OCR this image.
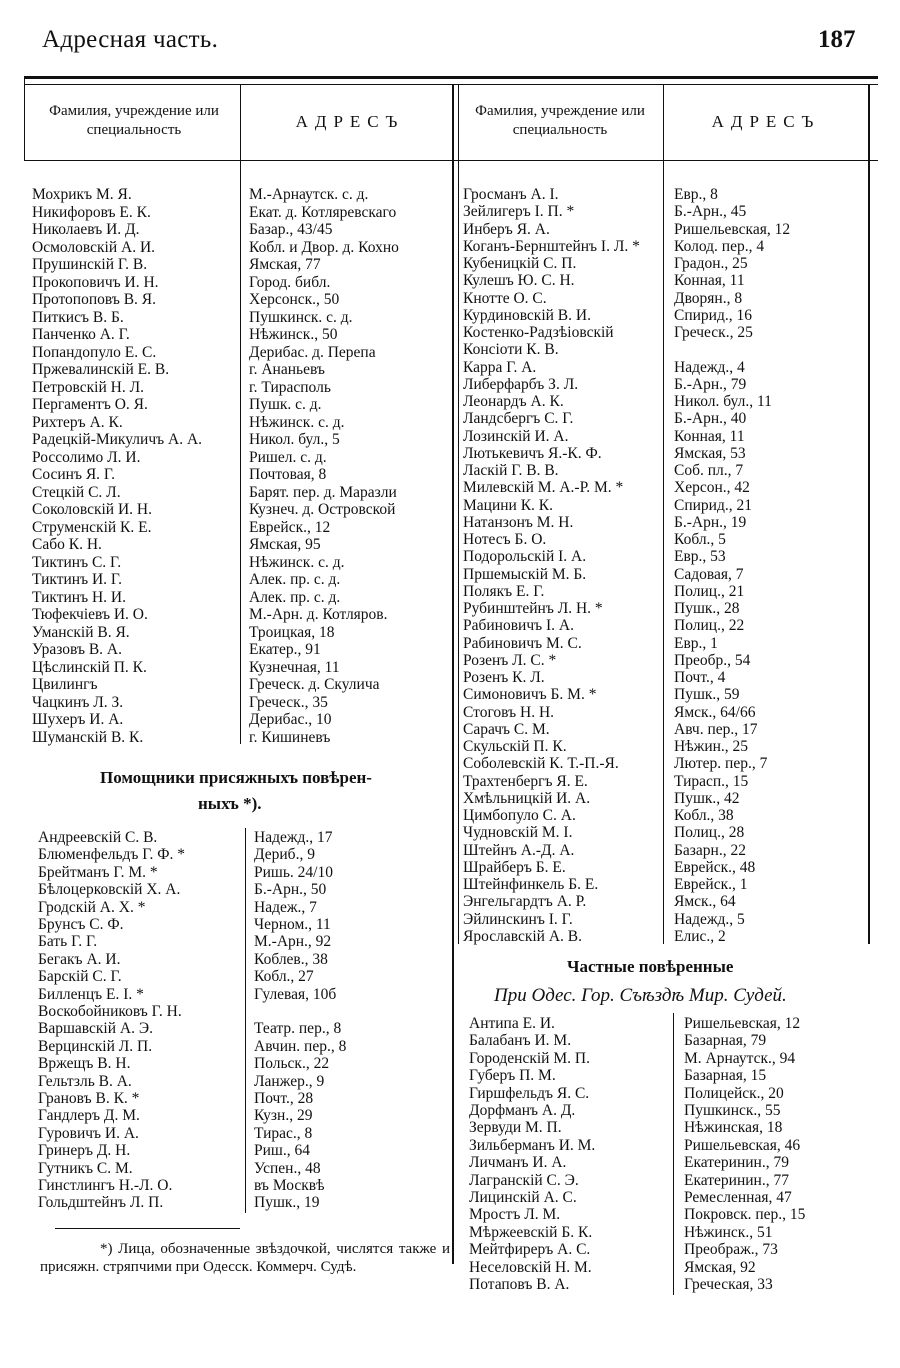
Адресная часть.	187
Фамилия, учреждение или специальность	АДРЕСЪ
Фамилия, учреждение или специальность	АДРЕСЪ
Мохрикъ М. Я.	М.-Арнаутск. с. д.
Никифоровъ Е. К.	Екат. д. Котляревскаго
Николаевъ И. Д.	Базар., 43/45
Осмоловскій А. И.	Кобл. и Двор. д. Кохно
Прушинскій Г. В.	Ямская, 77
Прокоповичъ И. Н.	Город. библ.
Протопоповъ В. Я.	Херсонск., 50
Питкисъ В. Б.	Пушкинск. с. д.
Панченко А. Г.	Нѣжинск., 50
Попандопуло Е. С.	Дерибас. д. Перепа
Пржевалинскій Е. В.	г. Ананьевъ
Петровскій Н. Л.	г. Тирасполь
Пергаментъ О. Я.	Пушк. с. д.
Рихтеръ А. К.	Нѣжинск. с. д.
Радецкій-Микуличъ А. А.	Никол. бул., 5
Россолимо Л. И.	Ришел. с. д.
Сосинъ Я. Г.	Почтовая, 8
Стецкій С. Л.	Барят. пер. д. Маразли
Соколовскій И. Н.	Кузнеч. д. Островской
Струменскій К. Е.	Еврейск., 12
Сабо К. Н.	Ямская, 95
Тиктинъ С. Г.	Нѣжинск. с. д.
Тиктинъ И. Г.	Алек. пр. с. д.
Тиктинъ Н. И.	Алек. пр. с. д.
Тюфекчіевъ И. О.	М.-Арн. д. Котляров.
Уманскій В. Я.	Троицкая, 18
Уразовъ В. А.	Екатер., 91
Цѣслинскій П. К.	Кузнечная, 11
Цвилингъ	Греческ. д. Скулича
Чацкинъ Л. З.	Греческ., 35
Шухеръ И. А.	Дерибас., 10
Шуманскій В. К.	г. Кишиневъ
Андреевскій С. В.	Надежд., 17
Блюменфельдъ Г. Ф. *	Дериб., 9
Брейтманъ Г. М. *	Ришь. 24/10
Бѣлоцерковскій Х. А.	Б.-Арн., 50
Гродскій А. Х. *	Надеж., 7
Брунсъ С. Ф.	Черном., 11
Бать Г. Г.	М.-Арн., 92
Бегакъ А. И.	Коблев., 38
Барскій С. Г.	Кобл., 27
Билленцъ Е. І. *	Гулевая, 10б
Воскобойниковъ Г. Н.
Варшавскій А. Э.	Театр. пер., 8
Верцинскій Л. П.	Авчин. пер., 8
Вржещъ В. Н.	Польск., 22
Гельтзль В. А.	Ланжер., 9
Грановъ В. К. *	Почт., 28
Гандлеръ Д. М.	Кузн., 29
Гуровичъ И. А.	Тирас., 8
Гринеръ Д. Н.	Риш., 64
Гутникъ С. М.	Успен., 48
Гинстлингъ Н.-Л. О.	въ Москвѣ
Гольдштейнъ Л. П.	Пушк., 19
Гросманъ А. І.	Евр., 8
Зейлигеръ І. П. *	Б.-Арн., 45
Инберъ Я. А.	Ришельевская, 12
Коганъ-Бернштейнъ І. Л. * Колод. пер., 4
Кубеницкій С. П.	Градон., 25
Кулешъ Ю. С. Н.	Конная, 11
Кнотте О. С.	Дворян., 8
Курдиновскій В. И.	Спирид., 16
Костенко-Радзѣіовскій	Греческ., 25
Консіоти К. В.
Карра Г. А.	Надежд., 4
Либерфарбъ З. Л.	Б.-Арн., 79
Леонардъ А. К.	Никол. бул., 11
Ландсбергъ С. Г.	Б.-Арн., 40
Лозинскій И. А.	Конная, 11
Лютькевичъ Я.-К. Ф.	Ямская, 53
Ласкій Г. В. В.	Соб. пл., 7
Милевскій М. А.-Р. М. *	Херсон., 42
Мацини К. К.	Спирид., 21
Натанзонъ М. Н.	Б.-Арн., 19
Нотесъ Б. О.	Кобл., 5
Подорольскій І. А.	Евр., 53
Пршемыскій М. Б.	Садовая, 7
Полякъ Е. Г.	Полиц., 21
Рубинштейнъ Л. Н. *	Пушк., 28
Рабиновичъ І. А.	Полиц., 22
Рабиновичъ М. С.	Евр., 1
Розенъ Л. С. *	Преобр., 54
Розенъ К. Л.	Почт., 4
Симоновичъ Б. М. *	Пушк., 59
Стоговъ Н. Н.	Ямск., 64/66
Сарачъ С. М.	Авч. пер., 17
Скульскій П. К.	Нѣжин., 25
Соболевскій К. Т.-П.-Я.	Лютер. пер., 7
Трахтенбергъ Я. Е.	Тирасп., 15
Хмѣльницкій И. А.	Пушк., 42
Цимбопуло С. А.	Кобл., 38
Чудновскій М. І.	Полиц., 28
Штейнъ А.-Д. А.	Базарн., 22
Шрайберъ Б. Е.	Еврейск., 48
Штейнфинкель Б. Е.	Еврейск., 1
Энгельгардтъ А. Р.	Ямск., 64
Эйлинскинъ І. Г.	Надежд., 5
Ярославскій А. В.	Елис., 2
Антипа Е. И.	Ришельевская, 12
Балабанъ И. М.	Базарная, 79
Городенскій М. П.	М. Арнаутск., 94
Губеръ П. М.	Базарная, 15
Гиршфельдъ Я. С.	Полицейск., 20
Дорфманъ А. Д.	Пушкинск., 55
Зервуди М. П.	Нѣжинская, 18
Зильберманъ И. М.	Ришельевская, 46
Личманъ И. А.	Екатеринин., 79
Лагранскій С. Э.	Екатеринин., 77
Лицинскій А. С.	Ремесленная, 47
Мростъ Л. М.	Покровск. пер., 15
Мѣржеевскій Б. К.	Нѣжинск., 51
Мейтфиреръ А. С.	Преображ., 73
Неселовскій Н. М.	Ямская, 92
Потаповъ В. А.	Греческая, 33
Помощники присяжныхъ повѣрен-
ныхъ *).
Частные повѣренные
При Одес. Гор. Съѣздѣ Мир. Судей.
*) Лица, обозначенные звѣздочкой, числятся также и присяжн. стряпчими при Одесск. Коммерч. Судѣ.
